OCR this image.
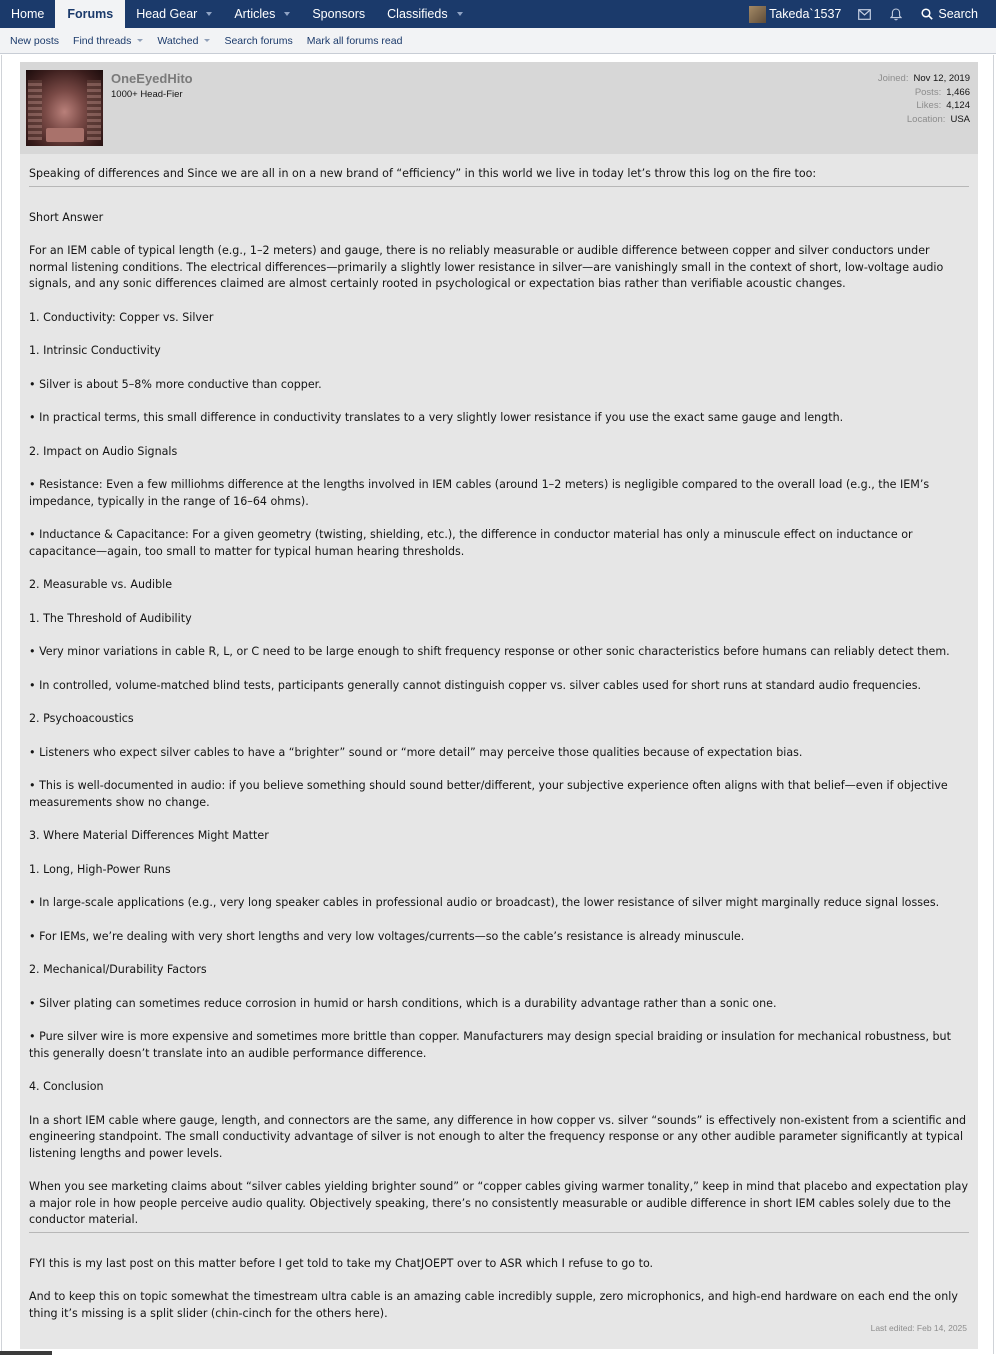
Home Forums Head Gear	Articles	Sponsors Classifieds	Takeda`1537	Search
New posts	Find threads Watched	Search forums	Mark all forums read
OneEyedHito
1000+ Head-Fier
Joined: Nov 12, 2019
Posts: 1,466
Likes: 4,124
Location: USA

Speaking of differences and Since we are all in on a new brand of “efficiency” in this world we live in today let’s throw this log on the fire too:

Short Answer

For an IEM cable of typical length (e.g., 1–2 meters) and gauge, there is no reliably measurable or audible difference between copper and silver conductors under normal listening conditions. The electrical differences—primarily a slightly lower resistance in silver—are vanishingly small in the context of short, low-voltage audio signals, and any sonic differences claimed are almost certainly rooted in psychological or expectation bias rather than verifiable acoustic changes.

1. Conductivity: Copper vs. Silver

1. Intrinsic Conductivity

• Silver is about 5–8% more conductive than copper.

• In practical terms, this small difference in conductivity translates to a very slightly lower resistance if you use the exact same gauge and length.

2. Impact on Audio Signals

• Resistance: Even a few milliohms difference at the lengths involved in IEM cables (around 1–2 meters) is negligible compared to the overall load (e.g., the IEM’s impedance, typically in the range of 16–64 ohms).

• Inductance & Capacitance: For a given geometry (twisting, shielding, etc.), the difference in conductor material has only a minuscule effect on inductance or capacitance—again, too small to matter for typical human hearing thresholds.

2. Measurable vs. Audible

1. The Threshold of Audibility

• Very minor variations in cable R, L, or C need to be large enough to shift frequency response or other sonic characteristics before humans can reliably detect them.

• In controlled, volume-matched blind tests, participants generally cannot distinguish copper vs. silver cables used for short runs at standard audio frequencies.

2. Psychoacoustics

• Listeners who expect silver cables to have a “brighter” sound or “more detail” may perceive those qualities because of expectation bias.

• This is well-documented in audio: if you believe something should sound better/different, your subjective experience often aligns with that belief—even if objective measurements show no change.

3. Where Material Differences Might Matter

1. Long, High-Power Runs

• In large-scale applications (e.g., very long speaker cables in professional audio or broadcast), the lower resistance of silver might marginally reduce signal losses.

• For IEMs, we’re dealing with very short lengths and very low voltages/currents—so the cable’s resistance is already minuscule.

2. Mechanical/Durability Factors

• Silver plating can sometimes reduce corrosion in humid or harsh conditions, which is a durability advantage rather than a sonic one.

• Pure silver wire is more expensive and sometimes more brittle than copper. Manufacturers may design special braiding or insulation for mechanical robustness, but this generally doesn’t translate into an audible performance difference.

4. Conclusion

In a short IEM cable where gauge, length, and connectors are the same, any difference in how copper vs. silver “sounds” is effectively non-existent from a scientific and engineering standpoint. The small conductivity advantage of silver is not enough to alter the frequency response or any other audible parameter significantly at typical listening lengths and power levels.

When you see marketing claims about “silver cables yielding brighter sound” or “copper cables giving warmer tonality,” keep in mind that placebo and expectation play a major role in how people perceive audio quality. Objectively speaking, there’s no consistently measurable or audible difference in short IEM cables solely due to the conductor material.

FYI this is my last post on this matter before I get told to take my ChatJOEPT over to ASR which I refuse to go to.

And to keep this on topic somewhat the timestream ultra cable is an amazing cable incredibly supple, zero microphonics, and high-end hardware on each end the only thing it’s missing is a split slider (chin-cinch for the others here).

Last edited: Feb 14, 2025
